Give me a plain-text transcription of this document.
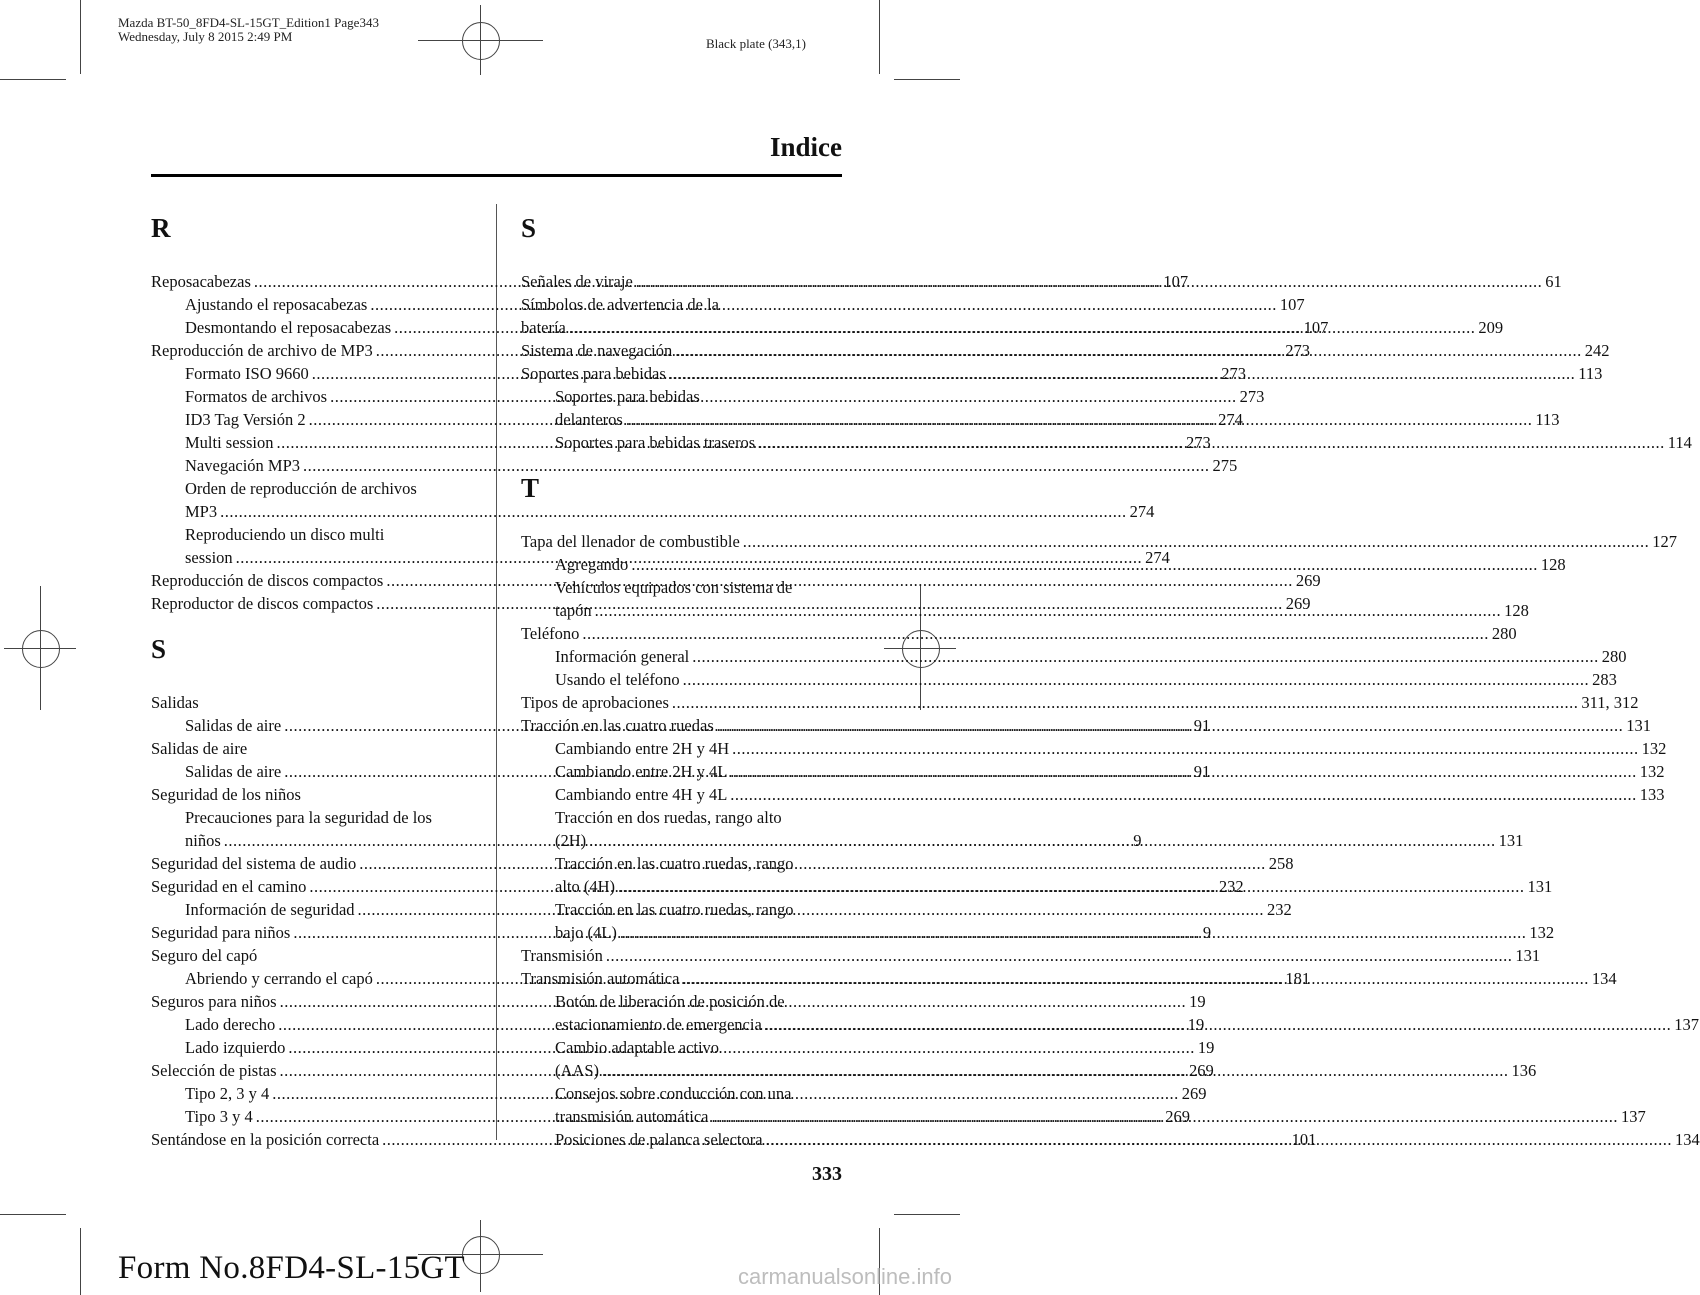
Mazda BT-50_8FD4-SL-15GT_Edition1 Page343
Wednesday, July 8 2015 2:49 PM	Black plate (343,1)
Indice
R
Reposacabezas .....	107
Ajustando el reposacabezas .....	107
Desmontando el reposacabezas .....	107
Reproducción de archivo de MP3 .....	273
Formato ISO 9660 .....	273
Formatos de archivos .....	273
ID3 Tag Versión 2 .....	274
Multi session .....	273
Navegación MP3 .....	275
Orden de reproducción de archivos
MP3 .....	274
Reproduciendo un disco multi
session .....	274
Reproducción de discos compactos .....	269
Reproductor de discos compactos .....	269
S
Salidas
Salidas de aire .....	91
Salidas de aire
Salidas de aire .....	91
Seguridad de los niños
Precauciones para la seguridad de los
niños .....	9
Seguridad del sistema de audio .....	258
Seguridad en el camino .....	232
Información de seguridad .....	232
Seguridad para niños .....	9
Seguro del capó
Abriendo y cerrando el capó .....	181
Seguros para niños .....	19
Lado derecho .....	19
Lado izquierdo .....	19
Selección de pistas .....	269
Tipo 2, 3 y 4 .....	269
Tipo 3 y 4 .....	269
Sentándose en la posición correcta .....	101
S
Señales de viraje .....	61
Símbolos de advertencia de la
batería .....	209
Sistema de navegación .....	242
Soportes para bebidas .....	113
Soportes para bebidas
delanteros .....	113
Soportes para bebidas traseros .....	114
T
Tapa del llenador de combustible .....	127
Agregando .....	128
Vehículos equipados con sistema de
tapón .....	128
Teléfono .....	280
Información general .....	280
Usando el teléfono .....	283
Tipos de aprobaciones .....	311, 312
Tracción en las cuatro ruedas .....	131
Cambiando entre 2H y 4H .....	132
Cambiando entre 2H y 4L .....	132
Cambiando entre 4H y 4L .....	133
Tracción en dos ruedas, rango alto
(2H) .....	131
Tracción en las cuatro ruedas, rango
alto (4H) .....	131
Tracción en las cuatro ruedas, rango
bajo (4L) .....	132
Transmisión .....	131
Transmisión automática .....	134
Botón de liberación de posición de
estacionamiento de emergencia .....	137
Cambio adaptable activo
(AAS) .....	136
Consejos sobre conducción con una
transmisión automática .....	137
Posiciones de palanca selectora .....	134
333
Form No.8FD4-SL-15GT	carmanualsonline.info
